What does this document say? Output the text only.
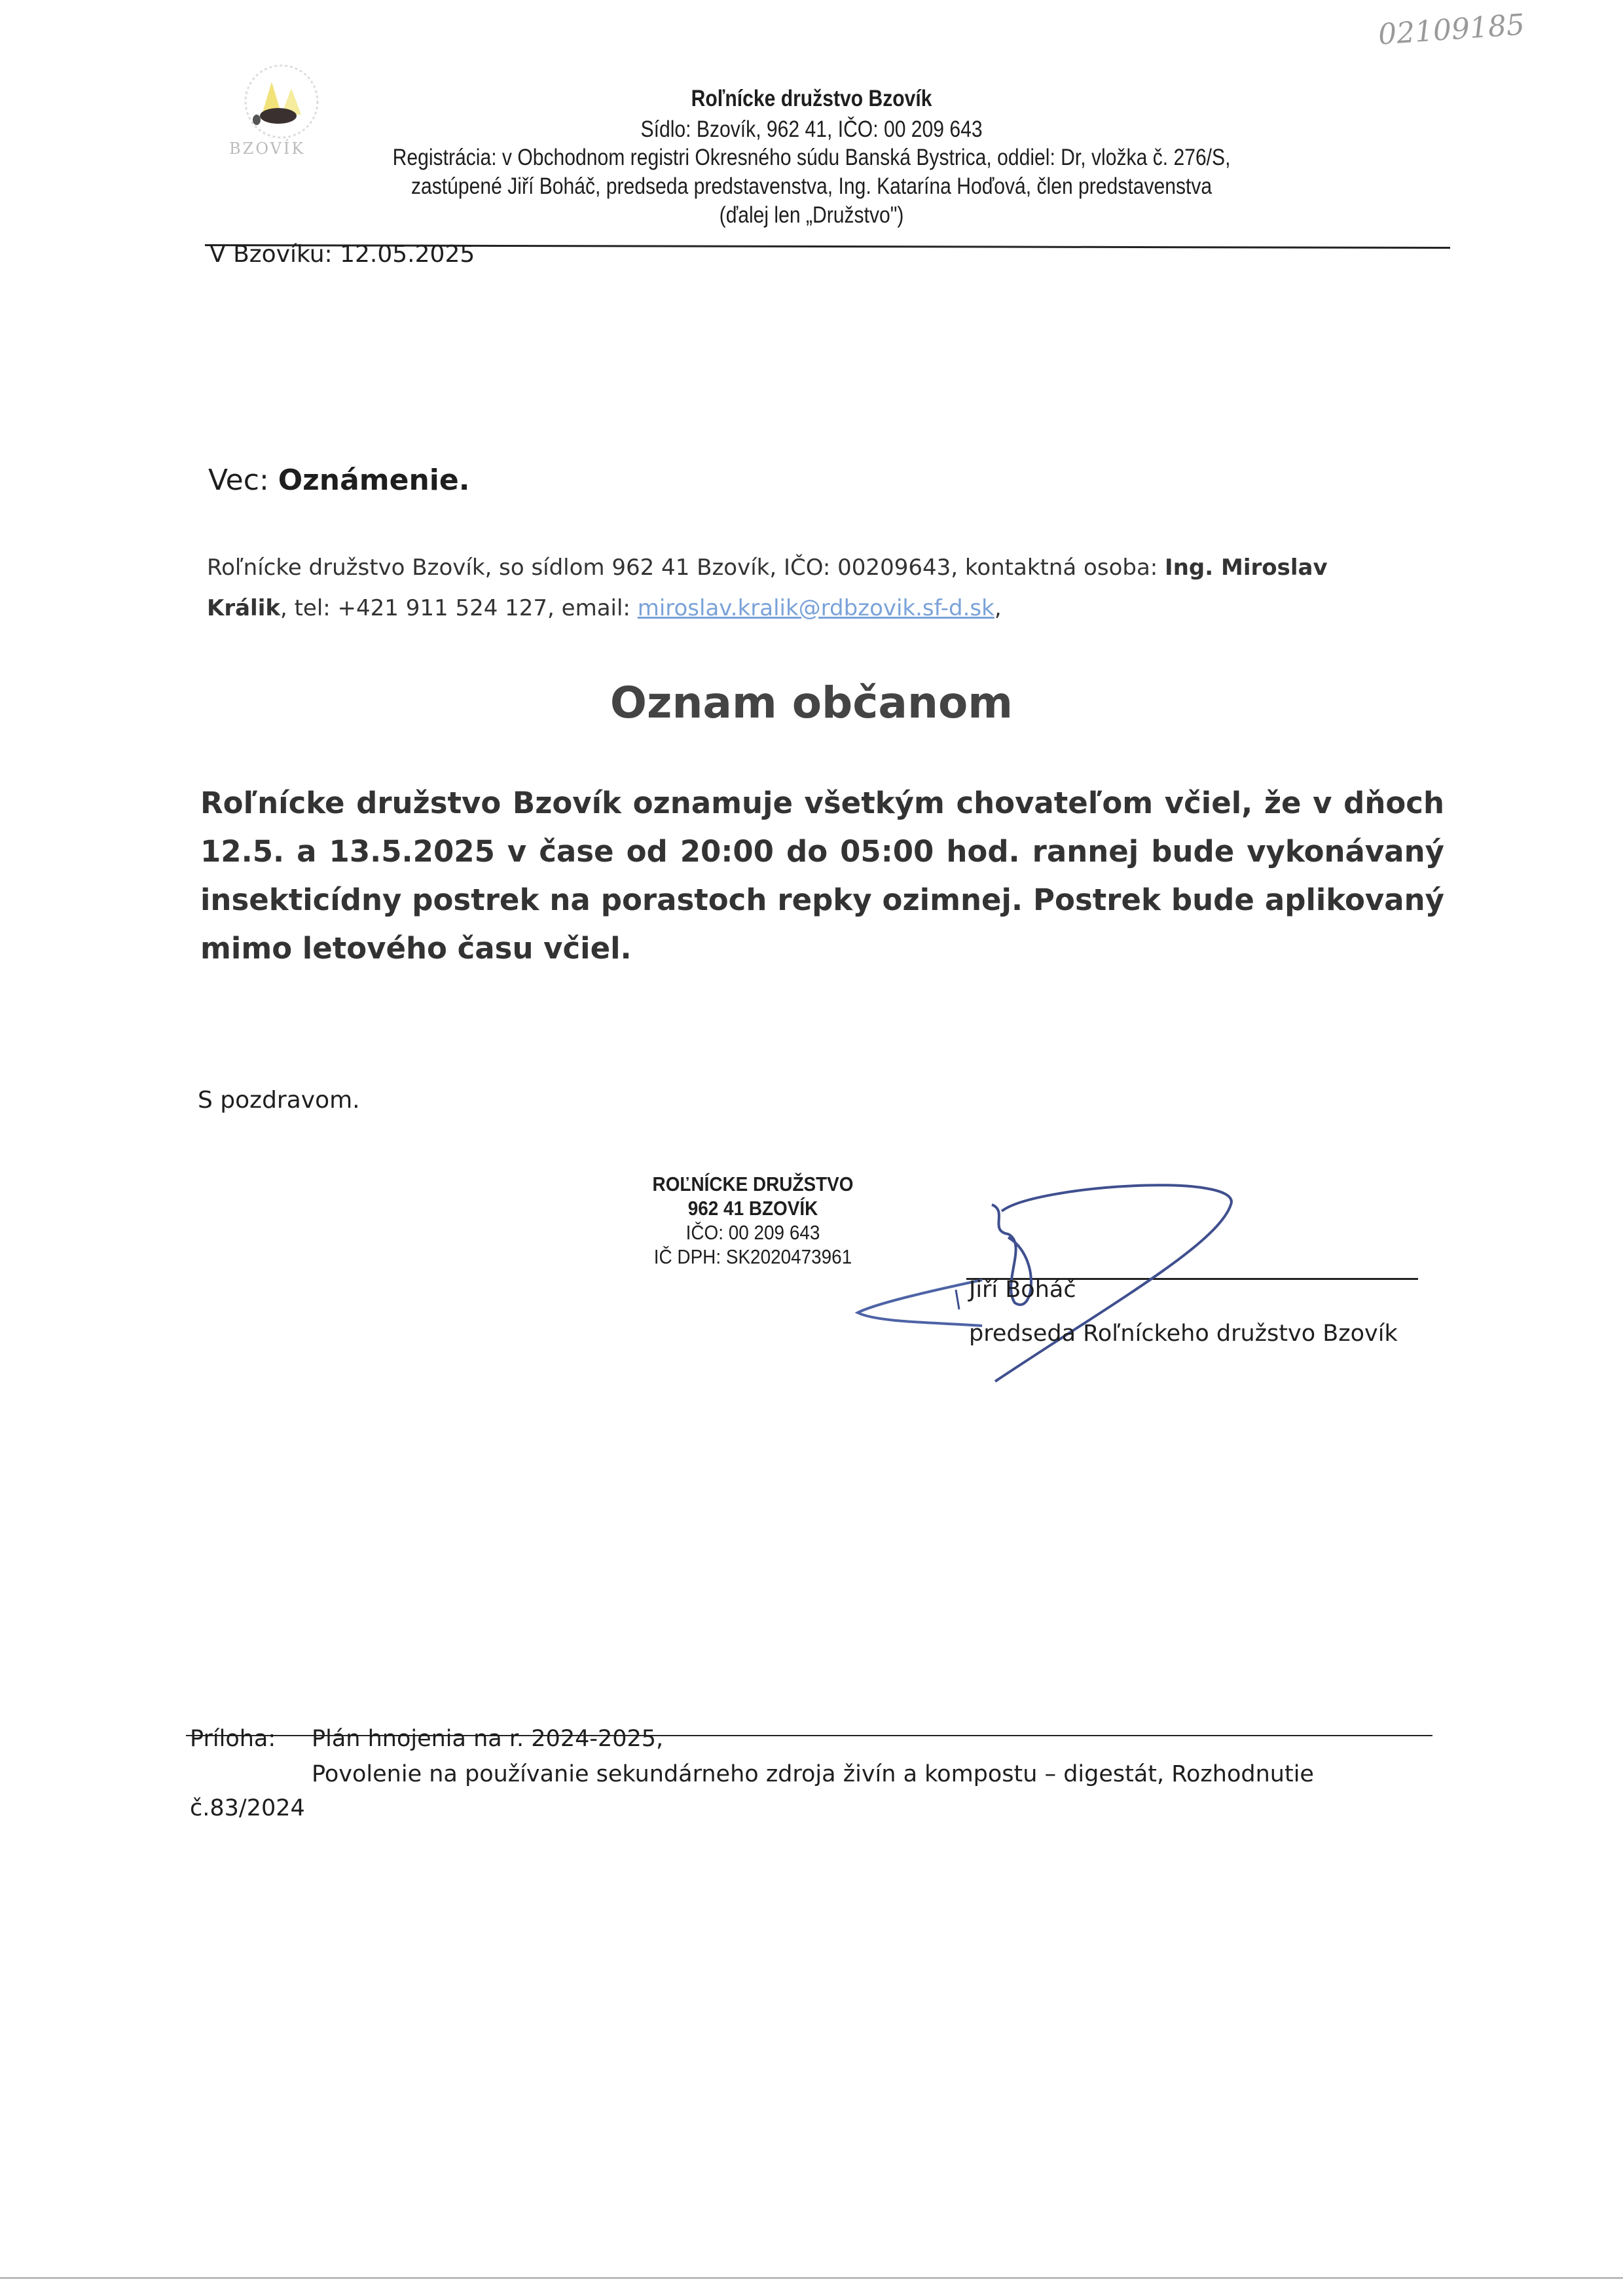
02109185
BZOVÍK
Roľnícke družstvo Bzovík
Sídlo: Bzovík, 962 41, IČO: 00 209 643
Registrácia: v Obchodnom registri Okresného súdu Banská Bystrica, oddiel: Dr, vložka č. 276/S,
zastúpené Jiří Boháč, predseda predstavenstva, Ing. Katarína Hoďová, člen predstavenstva
(ďalej len „Družstvo")
V Bzovíku: 12.05.2025
Vec: Oznámenie.
Roľnícke družstvo Bzovík, so sídlom 962 41 Bzovík, IČO: 00209643, kontaktná osoba: Ing. Miroslav
Králik, tel: +421 911 524 127, email: miroslav.kralik@rdbzovik.sf-d.sk,
Oznam občanom
Roľnícke družstvo Bzovík oznamuje všetkým chovateľom včiel, že v dňoch 12.5. a 13.5.2025 v čase od 20:00 do 05:00 hod. rannej bude vykonávaný insekticídny postrek na porastoch repky ozimnej. Postrek bude aplikovaný mimo letového času včiel.
S pozdravom.
ROĽNÍCKE DRUŽSTVO
962 41 BZOVÍK
IČO: 00 209 643
IČ DPH: SK2020473961
Jiří Boháč
predseda Roľníckeho družstvo Bzovík
Príloha: Plán hnojenia na r. 2024-2025,
Povolenie na používanie sekundárneho zdroja živín a kompostu – digestát, Rozhodnutie
č.83/2024
